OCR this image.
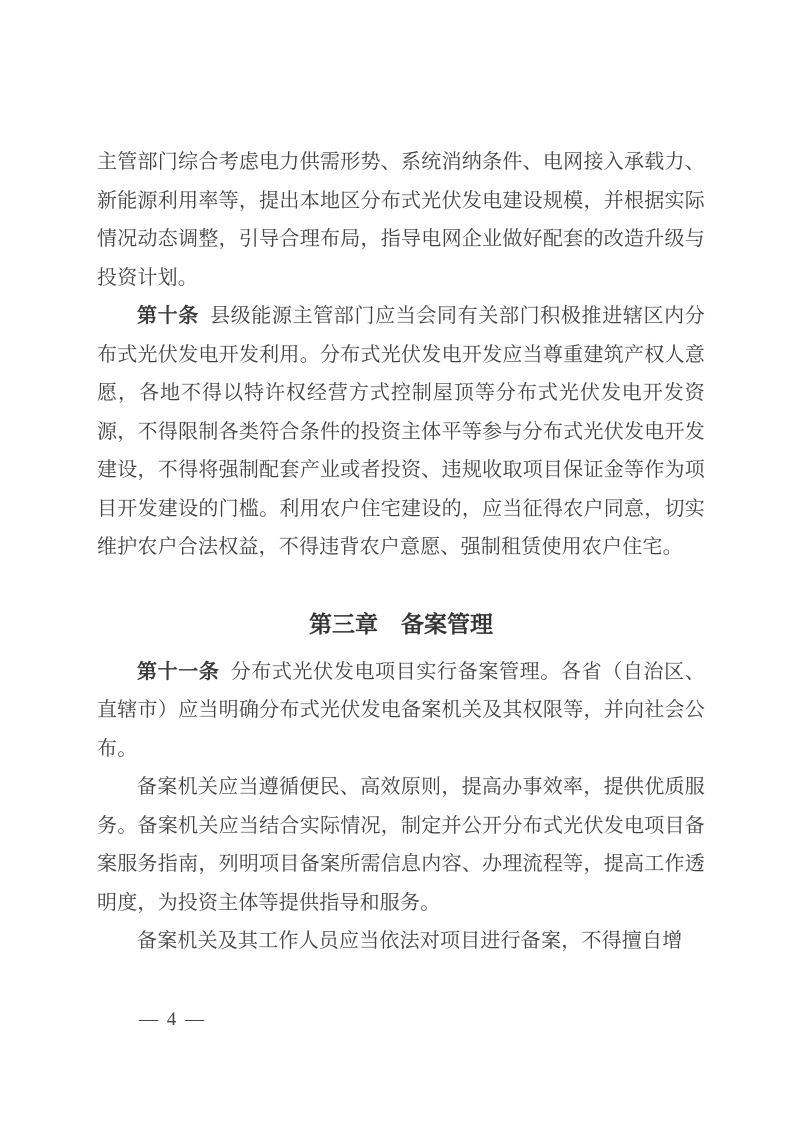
主管部门综合考虑电力供需形势、系统消纳条件、电网接入承载力、新能源利用率等，提出本地区分布式光伏发电建设规模，并根据实际情况动态调整，引导合理布局，指导电网企业做好配套的改造升级与投资计划。

第十条 县级能源主管部门应当会同有关部门积极推进辖区内分布式光伏发电开发利用。分布式光伏发电开发应当尊重建筑产权人意愿，各地不得以特许权经营方式控制屋顶等分布式光伏发电开发资源，不得限制各类符合条件的投资主体平等参与分布式光伏发电开发建设，不得将强制配套产业或者投资、违规收取项目保证金等作为项目开发建设的门槛。利用农户住宅建设的，应当征得农户同意，切实维护农户合法权益，不得违背农户意愿、强制租赁使用农户住宅。

第三章　备案管理

第十一条 分布式光伏发电项目实行备案管理。各省（自治区、直辖市）应当明确分布式光伏发电备案机关及其权限等，并向社会公布。

备案机关应当遵循便民、高效原则，提高办事效率，提供优质服务。备案机关应当结合实际情况，制定并公开分布式光伏发电项目备案服务指南，列明项目备案所需信息内容、办理流程等，提高工作透明度，为投资主体等提供指导和服务。

备案机关及其工作人员应当依法对项目进行备案，不得擅自增

— 4 —
